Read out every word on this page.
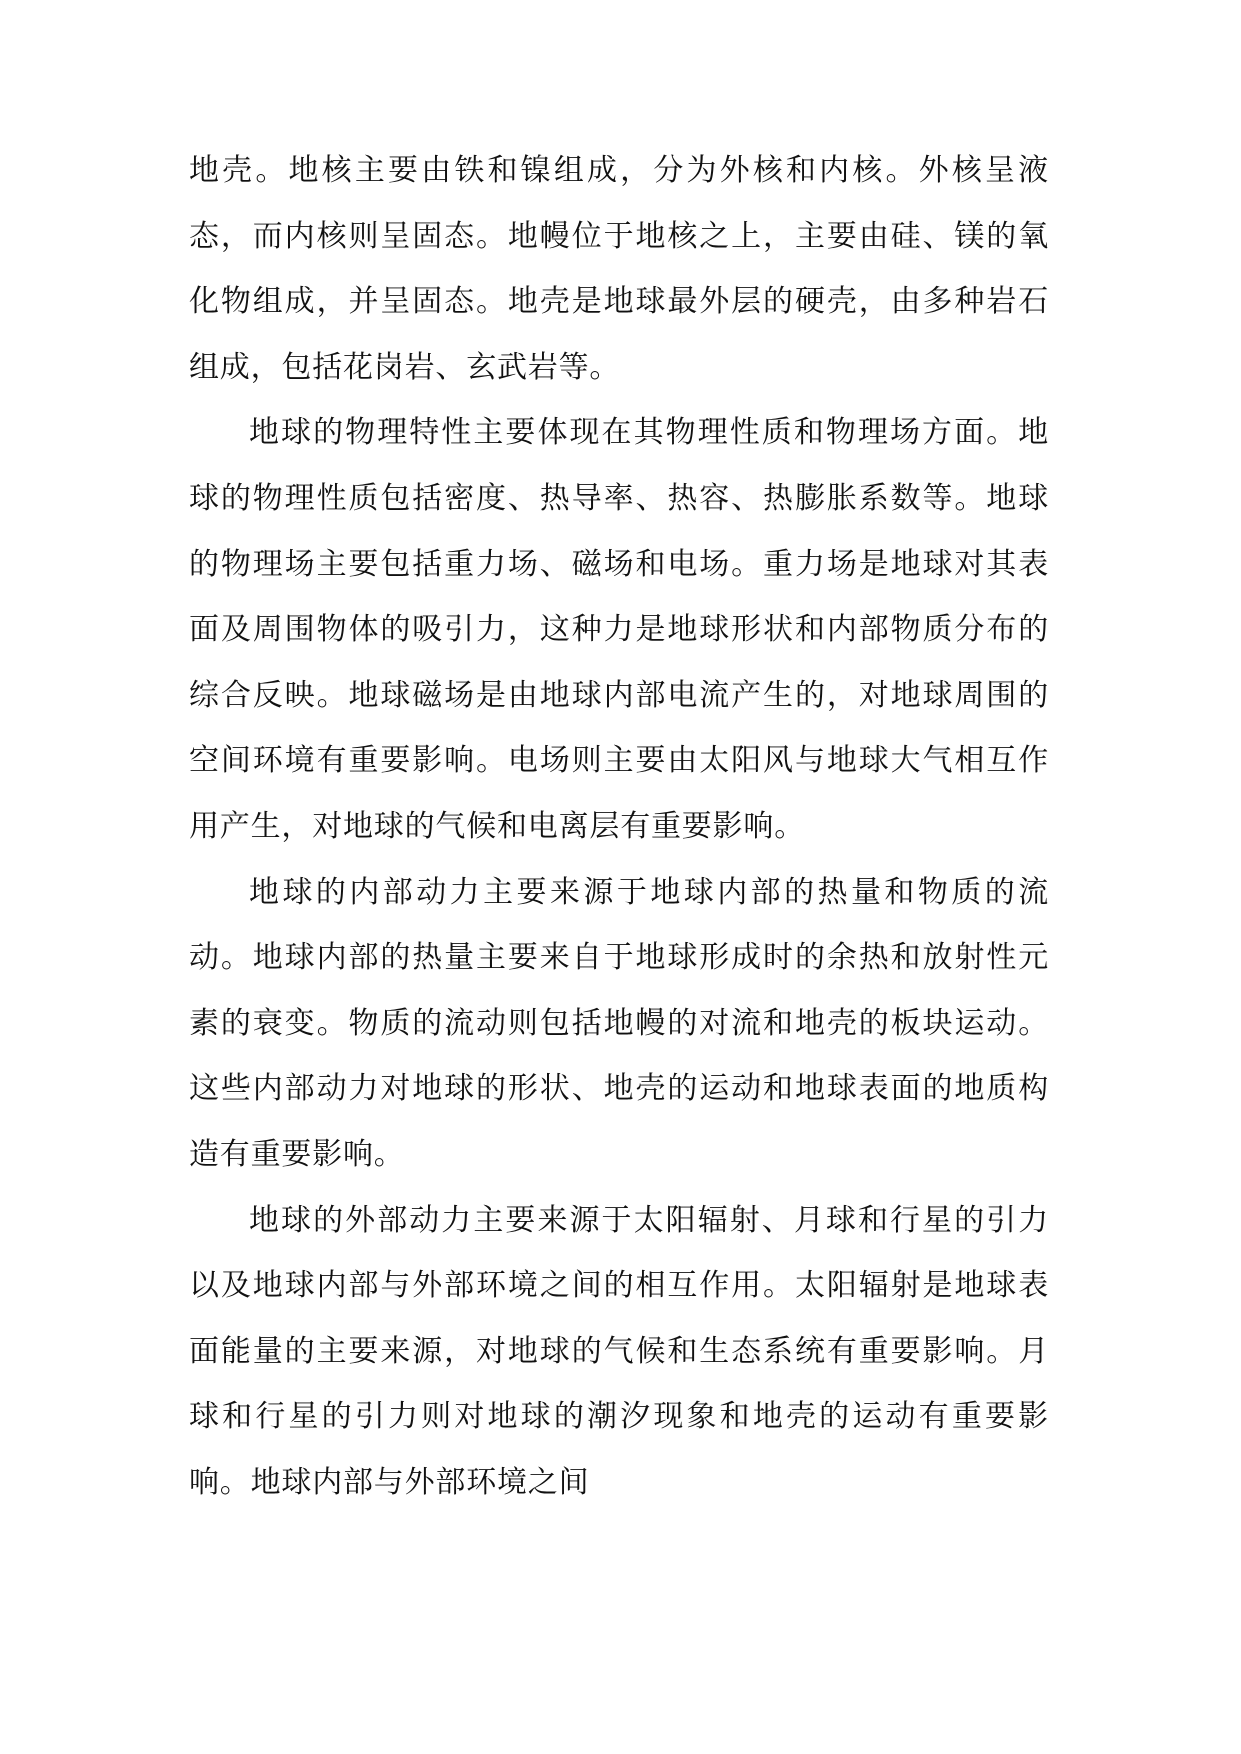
地壳。地核主要由铁和镍组成，分为外核和内核。外核呈液态，而内核则呈固态。地幔位于地核之上，主要由硅、镁的氧化物组成，并呈固态。地壳是地球最外层的硬壳，由多种岩石组成，包括花岗岩、玄武岩等。

地球的物理特性主要体现在其物理性质和物理场方面。地球的物理性质包括密度、热导率、热容、热膨胀系数等。地球的物理场主要包括重力场、磁场和电场。重力场是地球对其表面及周围物体的吸引力，这种力是地球形状和内部物质分布的综合反映。地球磁场是由地球内部电流产生的，对地球周围的空间环境有重要影响。电场则主要由太阳风与地球大气相互作用产生，对地球的气候和电离层有重要影响。

地球的内部动力主要来源于地球内部的热量和物质的流动。地球内部的热量主要来自于地球形成时的余热和放射性元素的衰变。物质的流动则包括地幔的对流和地壳的板块运动。这些内部动力对地球的形状、地壳的运动和地球表面的地质构造有重要影响。

地球的外部动力主要来源于太阳辐射、月球和行星的引力以及地球内部与外部环境之间的相互作用。太阳辐射是地球表面能量的主要来源，对地球的气候和生态系统有重要影响。月球和行星的引力则对地球的潮汐现象和地壳的运动有重要影响。地球内部与外部环境之间
